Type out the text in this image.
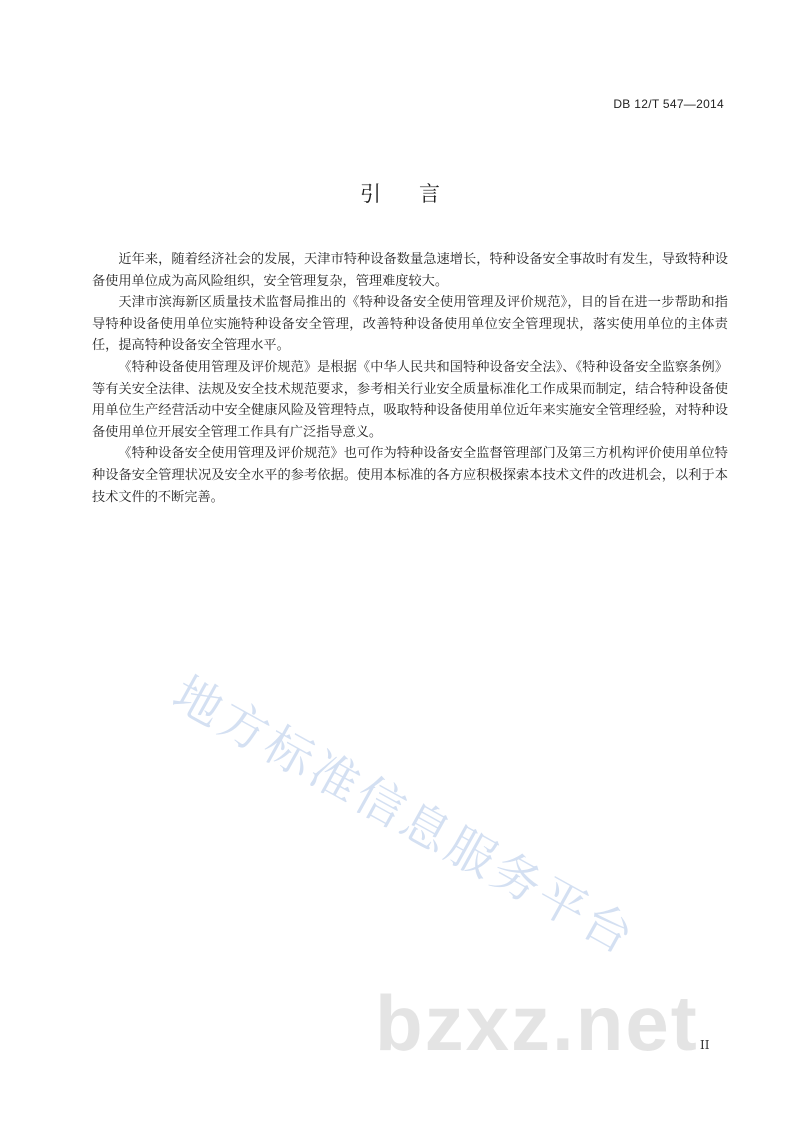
DB 12/T 547—2014
引言

近年来，随着经济社会的发展，天津市特种设备数量急速增长，特种设备安全事故时有发生，导致特种设备使用单位成为高风险组织，安全管理复杂，管理难度较大。

天津市滨海新区质量技术监督局推出的《特种设备安全使用管理及评价规范》，目的旨在进一步帮助和指导特种设备使用单位实施特种设备安全管理，改善特种设备使用单位安全管理现状，落实使用单位的主体责任，提高特种设备安全管理水平。

《特种设备使用管理及评价规范》是根据《中华人民共和国特种设备安全法》、《特种设备安全监察条例》等有关安全法律、法规及安全技术规范要求，参考相关行业安全质量标准化工作成果而制定，结合特种设备使用单位生产经营活动中安全健康风险及管理特点，吸取特种设备使用单位近年来实施安全管理经验，对特种设备使用单位开展安全管理工作具有广泛指导意义。

《特种设备安全使用管理及评价规范》也可作为特种设备安全监督管理部门及第三方机构评价使用单位特种设备安全管理状况及安全水平的参考依据。使用本标准的各方应积极探索本技术文件的改进机会，以利于本技术文件的不断完善。

地方标准信息服务平台
bzxz.net II
